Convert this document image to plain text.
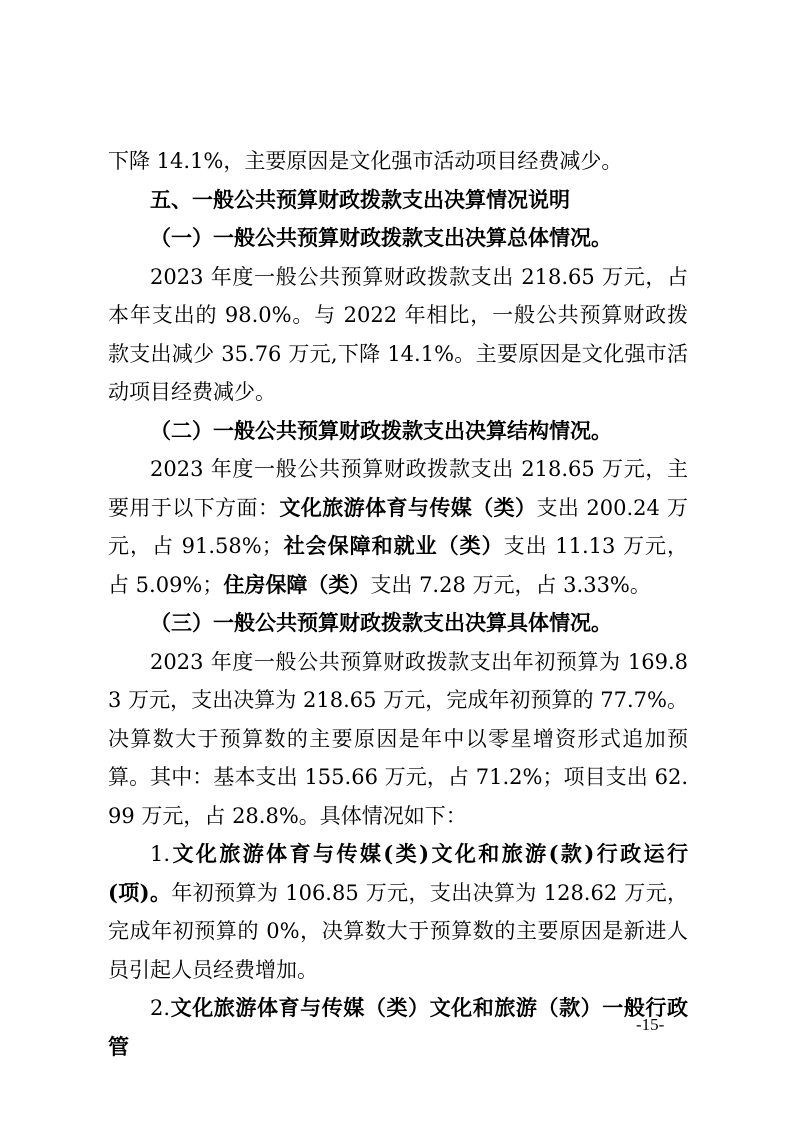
下降 14.1%，主要原因是文化强市活动项目经费减少。

五、一般公共预算财政拨款支出决算情况说明

（一）一般公共预算财政拨款支出决算总体情况。

2023 年度一般公共预算财政拨款支出 218.65 万元，占本年支出的 98.0%。与 2022 年相比，一般公共预算财政拨款支出减少 35.76 万元,下降 14.1%。主要原因是文化强市活动项目经费减少。

（二）一般公共预算财政拨款支出决算结构情况。

2023 年度一般公共预算财政拨款支出 218.65 万元，主要用于以下方面：文化旅游体育与传媒（类）支出 200.24 万元，占 91.58%；社会保障和就业（类）支出 11.13 万元，占 5.09%；住房保障（类）支出 7.28 万元，占 3.33%。

（三）一般公共预算财政拨款支出决算具体情况。

2023 年度一般公共预算财政拨款支出年初预算为 169.83 万元，支出决算为 218.65 万元，完成年初预算的 77.7%。决算数大于预算数的主要原因是年中以零星增资形式追加预算。其中：基本支出 155.66 万元，占 71.2%；项目支出 62.99 万元，占 28.8%。具体情况如下：

1.文化旅游体育与传媒(类)文化和旅游(款)行政运行(项)。年初预算为 106.85 万元，支出决算为 128.62 万元，完成年初预算的 0%，决算数大于预算数的主要原因是新进人员引起人员经费增加。

2.文化旅游体育与传媒（类）文化和旅游（款）一般行政管

-15-
